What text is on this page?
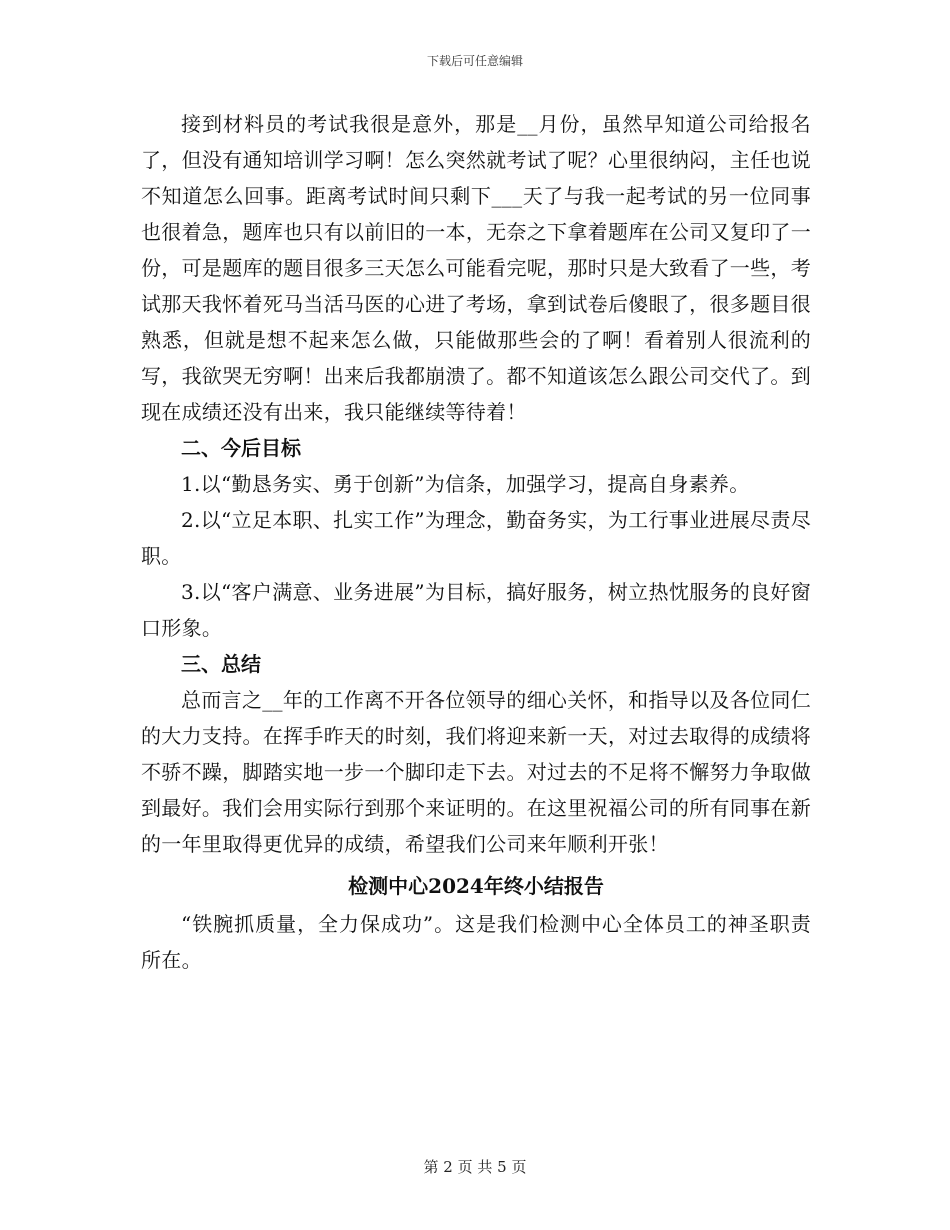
下载后可任意编辑

接到材料员的考试我很是意外，那是__月份，虽然早知道公司给报名了，但没有通知培训学习啊！怎么突然就考试了呢？心里很纳闷，主任也说不知道怎么回事。距离考试时间只剩下___天了与我一起考试的另一位同事也很着急，题库也只有以前旧的一本，无奈之下拿着题库在公司又复印了一份，可是题库的题目很多三天怎么可能看完呢，那时只是大致看了一些，考试那天我怀着死马当活马医的心进了考场，拿到试卷后傻眼了，很多题目很熟悉，但就是想不起来怎么做，只能做那些会的了啊！看着别人很流利的写，我欲哭无穷啊！出来后我都崩溃了。都不知道该怎么跟公司交代了。到现在成绩还没有出来，我只能继续等待着！

二、今后目标

1.以“勤恳务实、勇于创新”为信条，加强学习，提高自身素养。

2.以“立足本职、扎实工作”为理念，勤奋务实，为工行事业进展尽责尽职。

3.以“客户满意、业务进展”为目标，搞好服务，树立热忱服务的良好窗口形象。

三、总结

总而言之__年的工作离不开各位领导的细心关怀，和指导以及各位同仁的大力支持。在挥手昨天的时刻，我们将迎来新一天，对过去取得的成绩将不骄不躁，脚踏实地一步一个脚印走下去。对过去的不足将不懈努力争取做到最好。我们会用实际行到那个来证明的。在这里祝福公司的所有同事在新的一年里取得更优异的成绩，希望我们公司来年顺利开张！

检测中心2024年终小结报告

“铁腕抓质量，全力保成功”。这是我们检测中心全体员工的神圣职责所在。

第 2 页 共 5 页
